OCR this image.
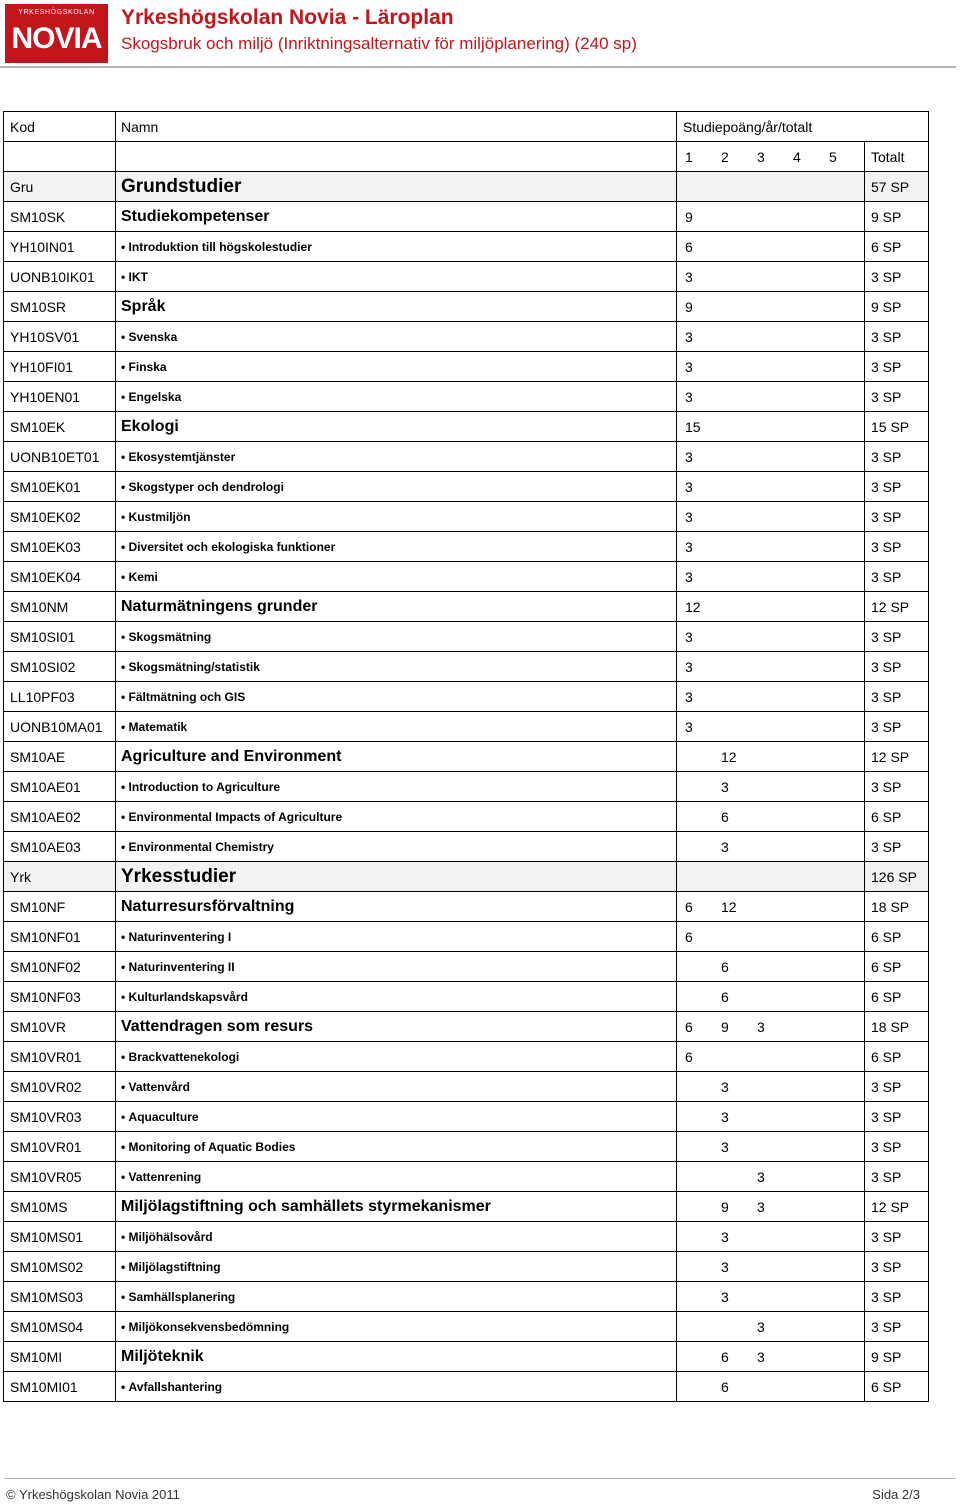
YRKESHÖGSKOLAN
NOVIA
Yrkeshögskolan Novia - Läroplan
Skogsbruk och miljö (Inriktningsalternativ för miljöplanering) (240 sp)
Kod	Namn	Studiepoäng/år/totalt	

		1 2 3 4 5	Totalt
Gru	Grundstudier		57 SP
SM10SK	Studiekompetenser	9	9 SP
YH10IN01	• Introduktion till högskolestudier	6	6 SP
UONB10IK01	• IKT	3	3 SP
SM10SR	Språk	9	9 SP
YH10SV01	• Svenska	3	3 SP
YH10FI01	• Finska	3	3 SP
YH10EN01	• Engelska	3	3 SP
SM10EK	Ekologi	15	15 SP
UONB10ET01	• Ekosystemtjänster	3	3 SP
SM10EK01	• Skogstyper och dendrologi	3	3 SP
SM10EK02	• Kustmiljön	3	3 SP
SM10EK03	• Diversitet och ekologiska funktioner	3	3 SP
SM10EK04	• Kemi	3	3 SP
SM10NM	Naturmätningens grunder	12	12 SP
SM10SI01	• Skogsmätning	3	3 SP
SM10SI02	• Skogsmätning/statistik	3	3 SP
LL10PF03	• Fältmätning och GIS	3	3 SP
UONB10MA01	• Matematik	3	3 SP
SM10AE	Agriculture and Environment	12	12 SP
SM10AE01	• Introduction to Agriculture	3	3 SP
SM10AE02	• Environmental Impacts of Agriculture	6	6 SP
SM10AE03	• Environmental Chemistry	3	3 SP
Yrk	Yrkesstudier		126 SP
SM10NF	Naturresursförvaltning	6 12	18 SP
SM10NF01	• Naturinventering I	6	6 SP
SM10NF02	• Naturinventering II	6	6 SP
SM10NF03	• Kulturlandskapsvård	6	6 SP
SM10VR	Vattendragen som resurs	6 9 3	18 SP
SM10VR01	• Brackvattenekologi	6	6 SP
SM10VR02	• Vattenvård	3	3 SP
SM10VR03	• Aquaculture	3	3 SP
SM10VR01	• Monitoring of Aquatic Bodies	3	3 SP
SM10VR05	• Vattenrening	3	3 SP
SM10MS	Miljölagstiftning och samhällets styrmekanismer	9 3	12 SP
SM10MS01	• Miljöhälsovård	3	3 SP
SM10MS02	• Miljölagstiftning	3	3 SP
SM10MS03	• Samhällsplanering	3	3 SP
SM10MS04	• Miljökonsekvensbedömning	3	3 SP
SM10MI	Miljöteknik	6 3	9 SP
SM10MI01	• Avfallshantering	6	6 SP
© Yrkeshögskolan Novia 2011	Sida 2/3
